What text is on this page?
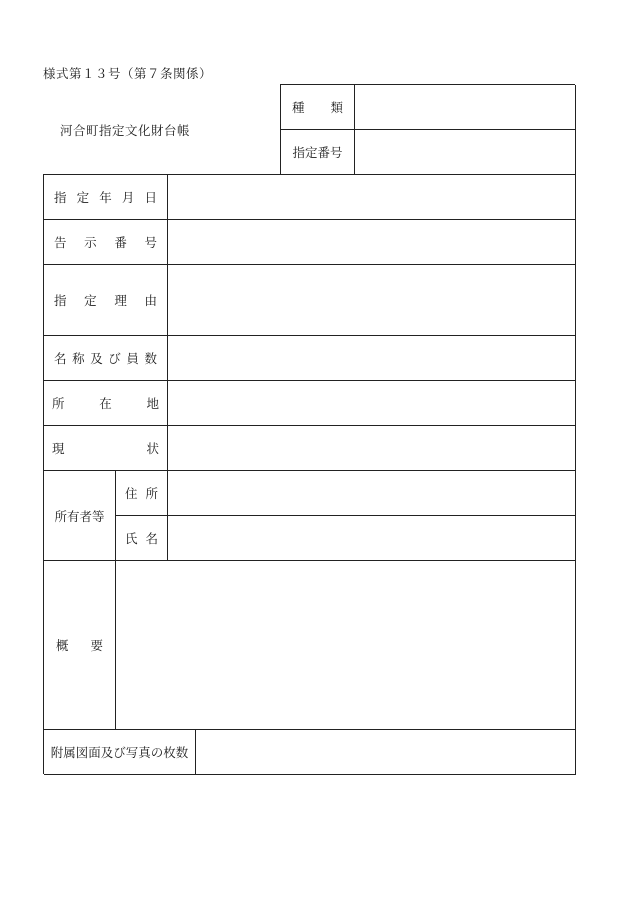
様式第１３号（第７条関係）
河合町指定文化財台帳
種 類
指定番号
指 定 年 月 日
告 示 番 号
指 定 理 由
名 称 及 び 員 数
所	在	地
現	状
所有者等
住 所
氏 名
概 要
附属図面及び写真の枚数
